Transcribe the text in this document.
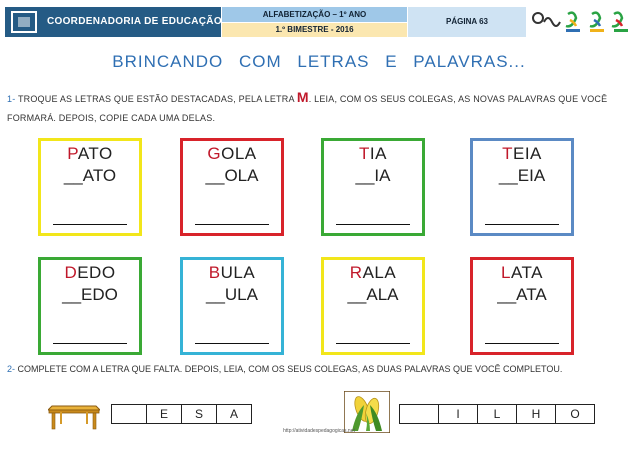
COORDENADORIA DE EDUCAÇÃO
ALFABETIZAÇÃO – 1º ANO
1.º BIMESTRE - 2016
PÁGINA 63
BRINCANDO COM LETRAS E PALAVRAS...
1- TROQUE AS LETRAS QUE ESTÃO DESTACADAS, PELA LETRA M. LEIA, COM OS SEUS COLEGAS, AS NOVAS PALAVRAS QUE VOCÊ FORMARÁ. DEPOIS, COPIE CADA UMA DELAS.
PATO
__ATO
GOLA
__OLA
TIA
__IA
TEIA
__EIA
DEDO
__EDO
BULA
__ULA
RALA
__ALA
LATA
__ATA
2- COMPLETE COM A LETRA QUE FALTA. DEPOIS, LEIA, COM OS SEUS COLEGAS, AS DUAS PALAVRAS QUE VOCÊ COMPLETOU.
E	S	A	I	L	H	O
http://atividadespedagogicas.net
